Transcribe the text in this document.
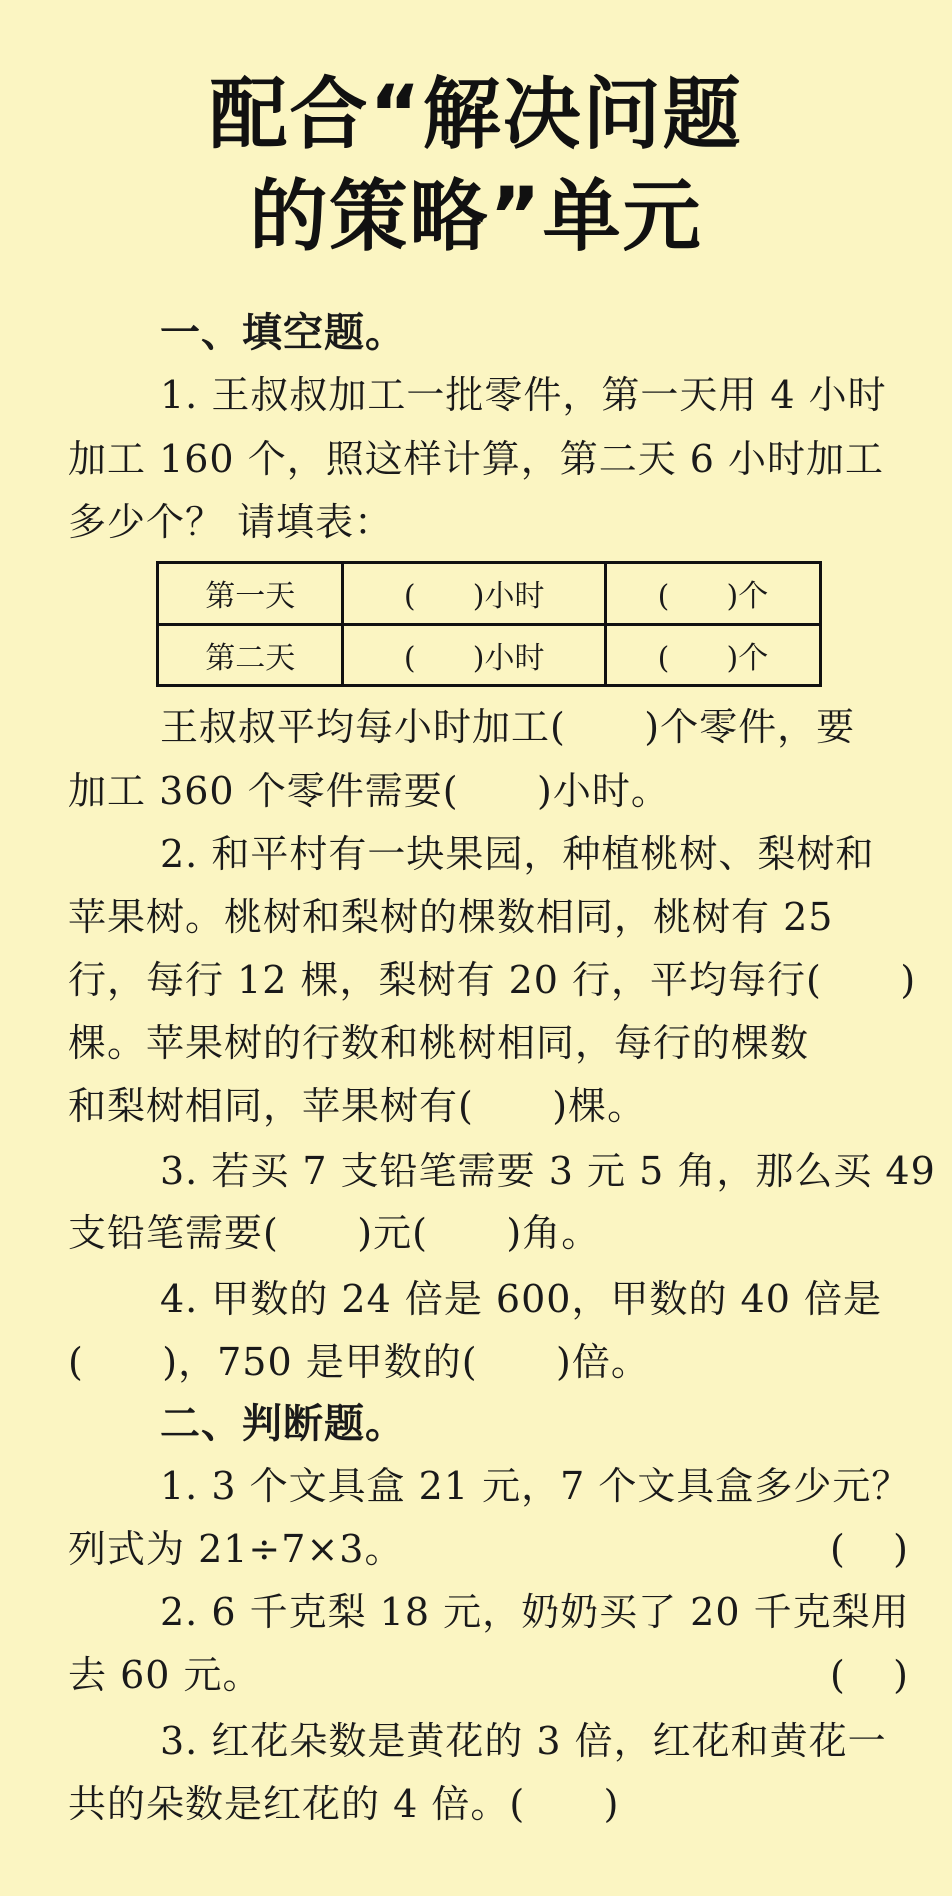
配合“解决问题
的策略”单元
一、填空题。
1. 王叔叔加工一批零件，第一天用 4 小时
加工 160 个，照这样计算，第二天 6 小时加工
多少个？ 请填表：
第一天	(      )小时	(      )个
第二天	(      )小时	(      )个
王叔叔平均每小时加工(      )个零件，要
加工 360 个零件需要(      )小时。
2. 和平村有一块果园，种植桃树、梨树和
苹果树。桃树和梨树的棵数相同，桃树有 25
行，每行 12 棵，梨树有 20 行，平均每行(      )
棵。苹果树的行数和桃树相同，每行的棵数
和梨树相同，苹果树有(      )棵。
3. 若买 7 支铅笔需要 3 元 5 角，那么买 49
支铅笔需要(      )元(      )角。
4. 甲数的 24 倍是 600，甲数的 40 倍是
(      )，750 是甲数的(      )倍。
二、判断题。
1. 3 个文具盒 21 元，7 个文具盒多少元？
列式为 21÷7×3。	(    )
2. 6 千克梨 18 元，奶奶买了 20 千克梨用
去 60 元。	(    )
3. 红花朵数是黄花的 3 倍，红花和黄花一
共的朵数是红花的 4 倍。(      )
